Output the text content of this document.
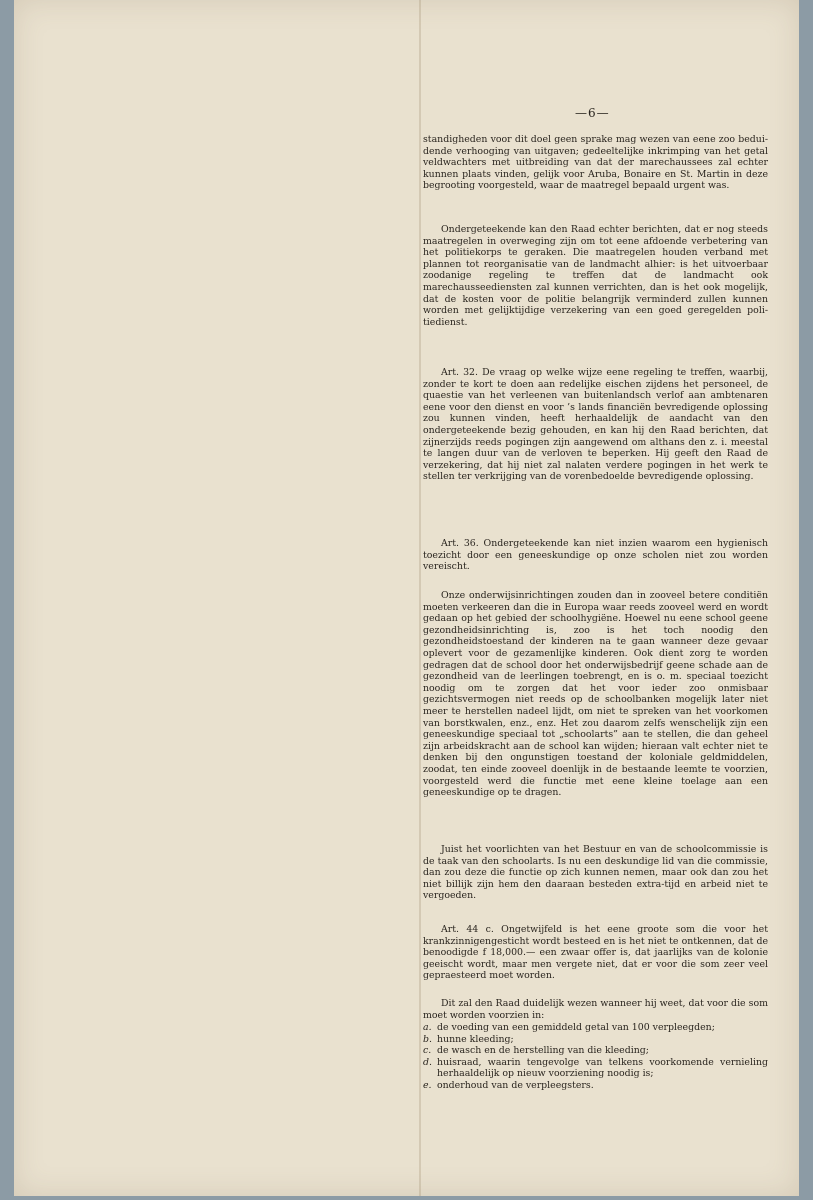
—6—

standigheden voor dit doel geen sprake mag wezen van eene zoo beduidende verhooging van uitgaven; gedeeltelijke inkrimping van het getal veldwachters met uitbreiding van dat der marechaussees zal echter kunnen plaats vinden, gelijk voor Aruba, Bonaire en St. Martin in deze begrooting voorgesteld, waar de maatregel bepaald urgent was.

Ondergeteekende kan den Raad echter berichten, dat er nog steeds maatregelen in overweging zijn om tot eene afdoende verbetering van het politiekorps te geraken. Die maatregelen houden verband met plannen tot reorganisatie van de landmacht alhier: is het uitvoerbaar zoodanige regeling te treffen dat de landmacht ook marechausseediensten zal kunnen verrichten, dan is het ook mogelijk, dat de kosten voor de politie belangrijk verminderd zullen kunnen worden met gelijktijdige verzekering van een goed geregelden politiedienst.

Art. 32. De vraag op welke wijze eene regeling te treffen, waarbij, zonder te kort te doen aan redelijke eischen zijdens het personeel, de quaestie van het verleenen van buitenlandsch verlof aan ambtenaren eene voor den dienst en voor ’s lands financiën bevredigende oplossing zou kunnen vinden, heeft herhaaldelijk de aandacht van den ondergeteekende bezig gehouden, en kan hij den Raad berichten, dat zijnerzijds reeds pogingen zijn aangewend om althans den z. i. meestal te langen duur van de verloven te beperken. Hij geeft den Raad de verzekering, dat hij niet zal nalaten verdere pogingen in het werk te stellen ter verkrijging van de vorenbedoelde bevredigende oplossing.

Art. 36. Ondergeteekende kan niet inzien waarom een hygienisch toezicht door een geneeskundige op onze scholen niet zou worden vereischt.

Onze onderwijsinrichtingen zouden dan in zooveel betere conditiën moeten verkeeren dan die in Europa waar reeds zooveel werd en wordt gedaan op het gebied der schoolhygiëne. Hoewel nu eene school geene gezondheidsinrichting is, zoo is het toch noodig den gezondheidstoestand der kinderen na te gaan wanneer deze gevaar oplevert voor de gezamenlijke kinderen. Ook dient zorg te worden gedragen dat de school door het onderwijsbedrijf geene schade aan de gezondheid van de leerlingen toebrengt, en is o. m. speciaal toezicht noodig om te zorgen dat het voor ieder zoo onmisbaar gezichtsvermogen niet reeds op de schoolbanken mogelijk later niet meer te herstellen nadeel lijdt, om niet te spreken van het voorkomen van borstkwalen, enz., enz. Het zou daarom zelfs wenschelijk zijn een geneeskundige speciaal tot „schoolarts” aan te stellen, die dan geheel zijn arbeidskracht aan de school kan wijden; hieraan valt echter niet te denken bij den ongunstigen toestand der koloniale geldmiddelen, zoodat, ten einde zooveel doenlijk in de bestaande leemte te voorzien, voorgesteld werd die functie met eene kleine toelage aan een geneeskundige op te dragen.

Juist het voorlichten van het Bestuur en van de schoolcommissie is de taak van den schoolarts. Is nu een deskundige lid van die commissie, dan zou deze die functie op zich kunnen nemen, maar ook dan zou het niet billijk zijn hem den daaraan besteden extra-tijd en arbeid niet te vergoeden.

Art. 44 c. Ongetwijfeld is het eene groote som die voor het krankzinnigengesticht wordt besteed en is het niet te ontkennen, dat de benoodigde f 18,000.— een zwaar offer is, dat jaarlijks van de kolonie geeischt wordt, maar men vergete niet, dat er voor die som zeer veel gepraesteerd moet worden.

Dit zal den Raad duidelijk wezen wanneer hij weet, dat voor die som moet worden voorzien in:

a. de voeding van een gemiddeld getal van 100 verpleegden;
b. hunne kleeding;
c. de wasch en de herstelling van die kleeding;
d. huisraad, waarin tengevolge van telkens voorkomende vernieling herhaaldelijk op nieuw voorziening noodig is;
e. onderhoud van de verpleegsters.
